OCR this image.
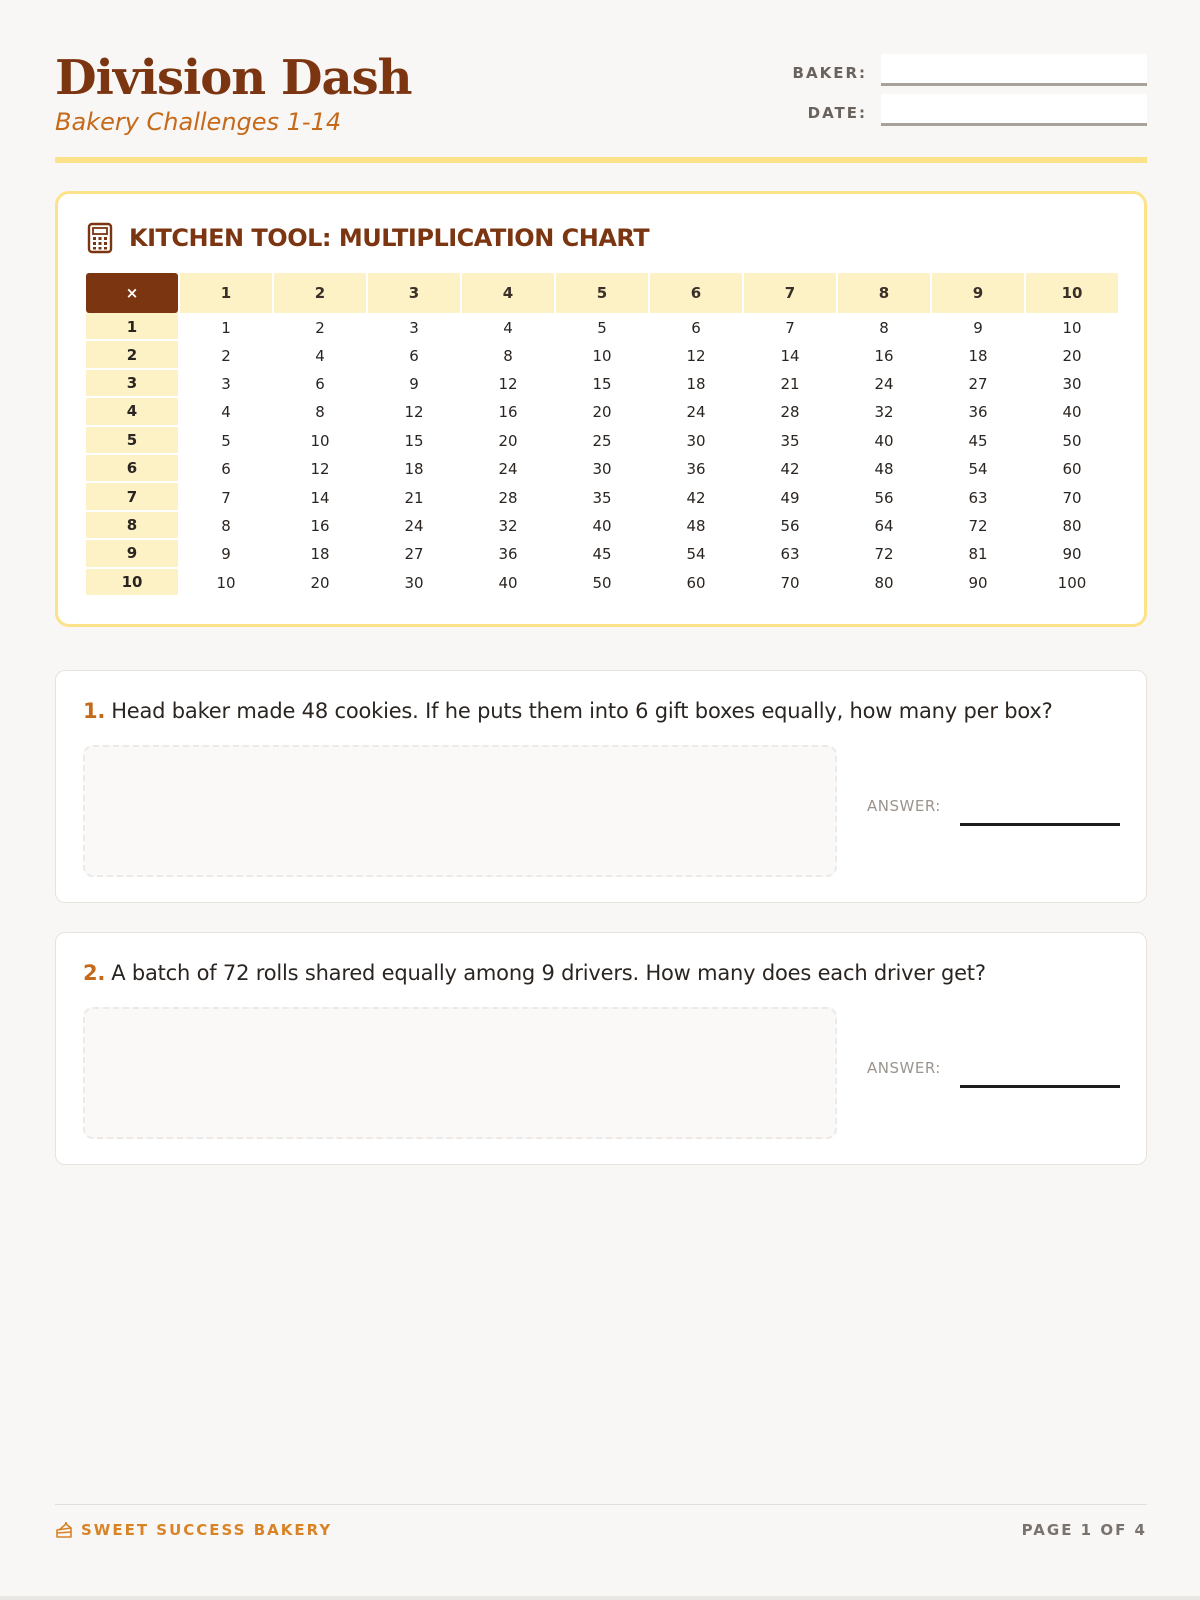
Division Dash
Bakery Challenges 1-14
BAKER:
DATE:
KITCHEN TOOL: MULTIPLICATION CHART
×	1	2	3	4	5	6	7	8	9	10
1	1	2	3	4	5	6	7	8	9	10
2	2	4	6	8	10	12	14	16	18	20
3	3	6	9	12	15	18	21	24	27	30
4	4	8	12	16	20	24	28	32	36	40
5	5	10	15	20	25	30	35	40	45	50
6	6	12	18	24	30	36	42	48	54	60
7	7	14	21	28	35	42	49	56	63	70
8	8	16	24	32	40	48	56	64	72	80
9	9	18	27	36	45	54	63	72	81	90
10	10	20	30	40	50	60	70	80	90	100
1. Head baker made 48 cookies. If he puts them into 6 gift boxes equally, how many per box?
ANSWER:
2. A batch of 72 rolls shared equally among 9 drivers. How many does each driver get?
ANSWER:
SWEET SUCCESS BAKERY	PAGE 1 OF 4
